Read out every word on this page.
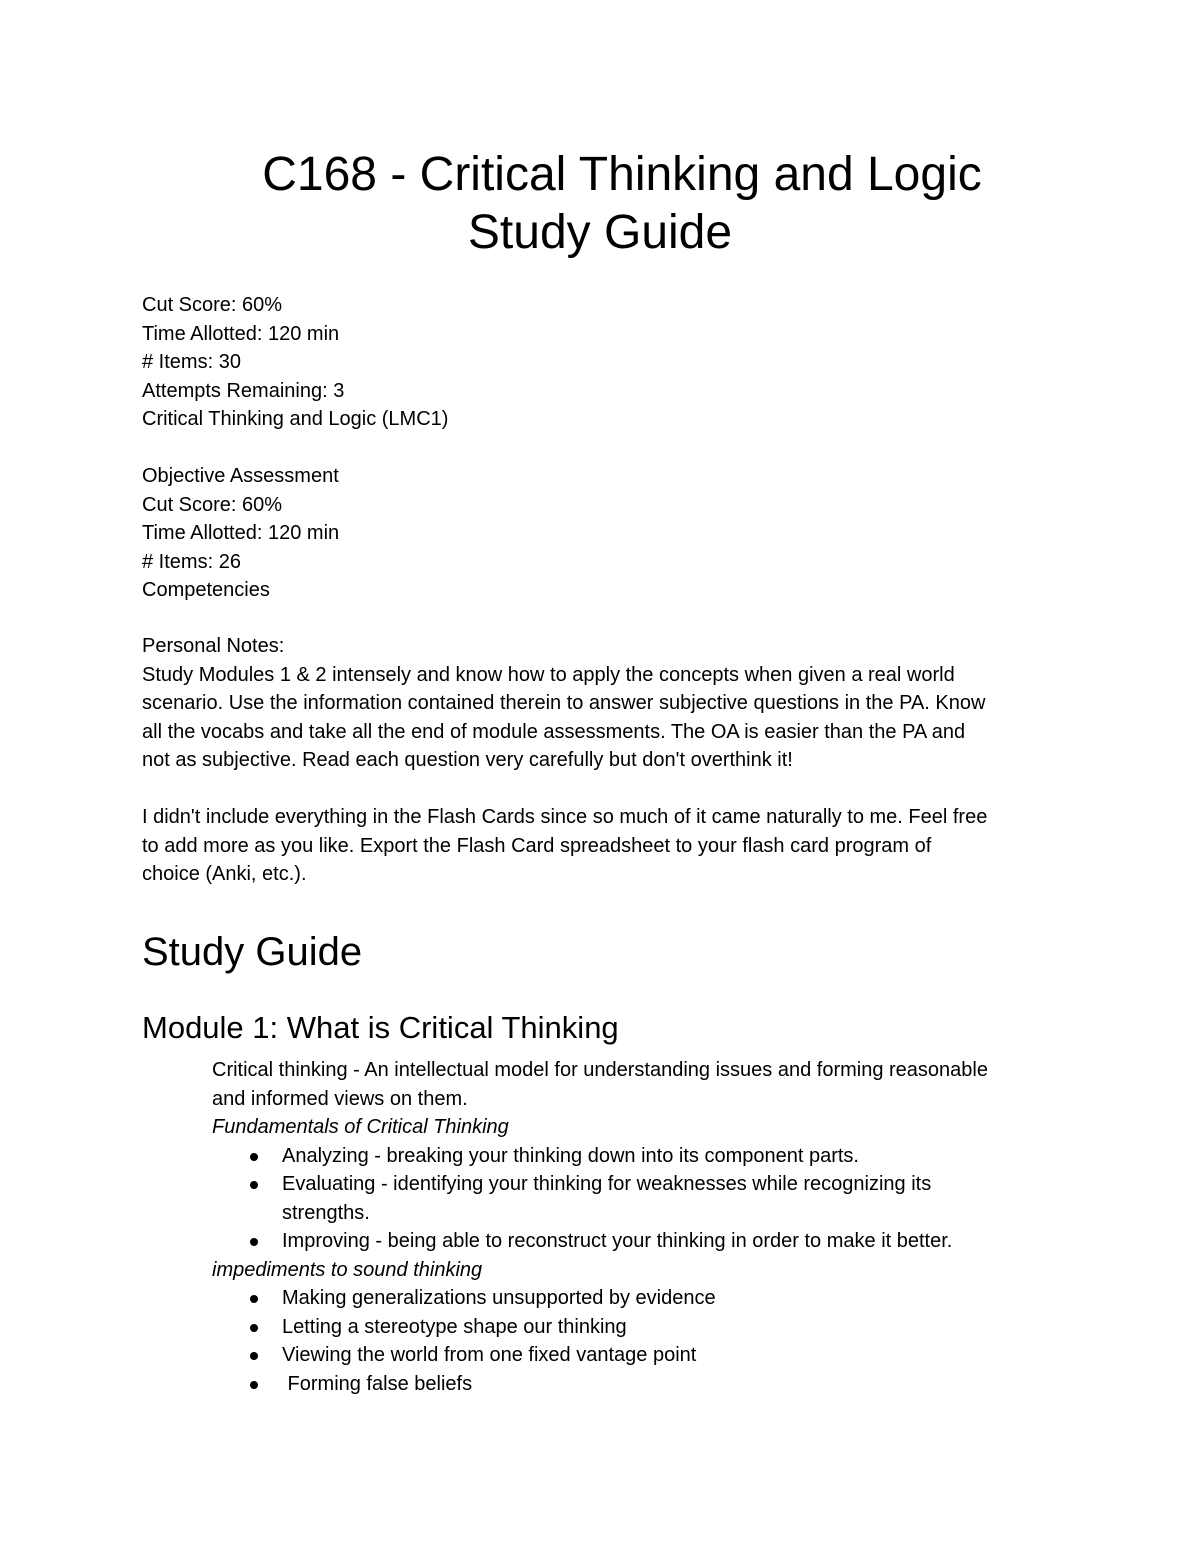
C168 - Critical Thinking and Logic
Study Guide
Cut Score: 60%
Time Allotted: 120 min
# Items: 30
Attempts Remaining: 3
Critical Thinking and Logic (LMC1)
Objective Assessment
Cut Score: 60%
Time Allotted: 120 min
# Items: 26
Competencies
Personal Notes:
Study Modules 1 & 2 intensely and know how to apply the concepts when given a real world
scenario. Use the information contained therein to answer subjective questions in the PA. Know
all the vocabs and take all the end of module assessments. The OA is easier than the PA and
not as subjective. Read each question very carefully but don't overthink it!
I didn't include everything in the Flash Cards since so much of it came naturally to me. Feel free
to add more as you like. Export the Flash Card spreadsheet to your flash card program of
choice (Anki, etc.).
Study Guide
Module 1: What is Critical Thinking
Critical thinking - An intellectual model for understanding issues and forming reasonable
and informed views on them.
Fundamentals of Critical Thinking
Analyzing - breaking your thinking down into its component parts.
Evaluating - identifying your thinking for weaknesses while recognizing its
strengths.
Improving - being able to reconstruct your thinking in order to make it better.
impediments to sound thinking
Making generalizations unsupported by evidence
Letting a stereotype shape our thinking
Viewing the world from one fixed vantage point
Forming false beliefs
